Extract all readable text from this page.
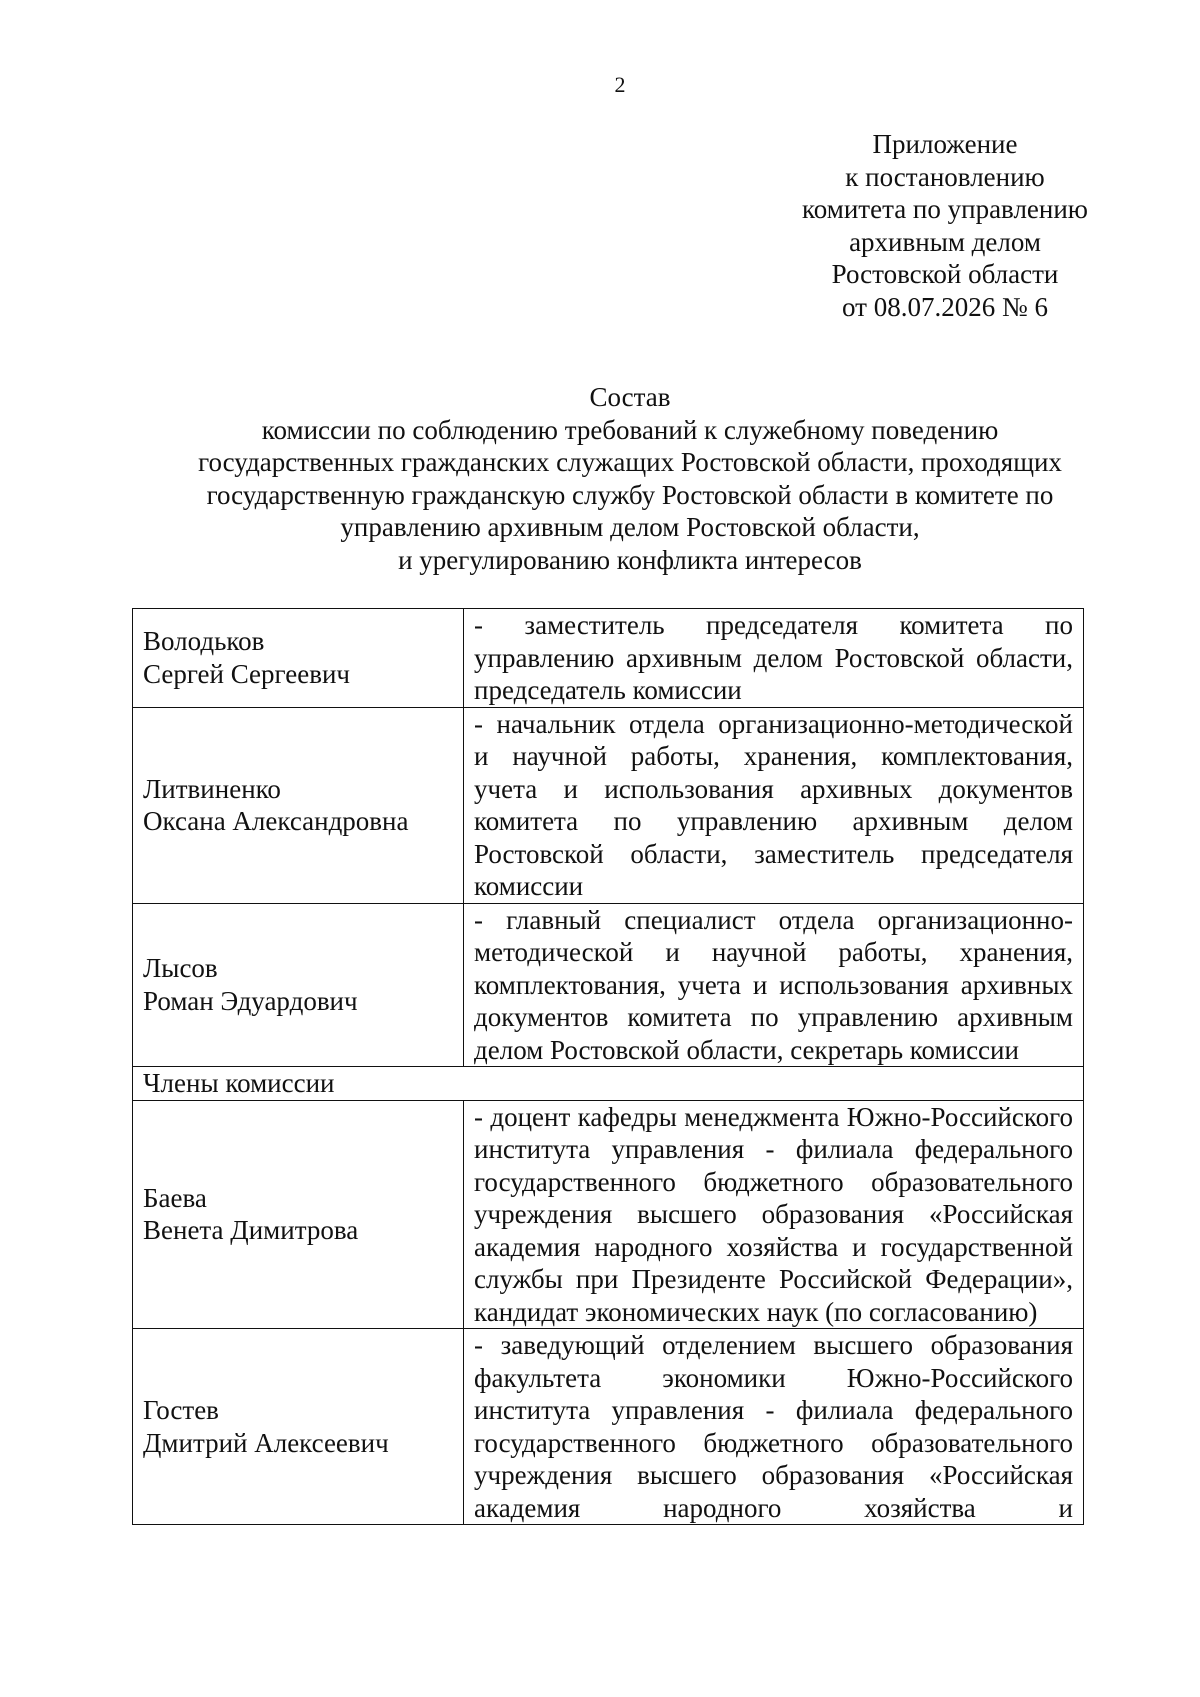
2
Приложение
к постановлению
комитета по управлению
архивным делом
Ростовской области
от 08.07.2026 № 6
Состав
комиссии по соблюдению требований к служебному поведению
государственных гражданских служащих Ростовской области, проходящих
государственную гражданскую службу Ростовской области в комитете по
управлению архивным делом Ростовской области,
и урегулированию конфликта интересов
Володьков
Сергей Сергеевич	- заместитель председателя комитета по управлению архивным делом Ростовской области, председатель комиссии

Литвиненко
Оксана Александровна	- начальник отдела организационно-методической и научной работы, хранения, комплектования, учета и использования архивных документов комитета по управлению архивным делом Ростовской области, заместитель председателя комиссии

Лысов
Роман Эдуардович	- главный специалист отдела организационно-методической и научной работы, хранения, комплектования, учета и использования архивных документов комитета по управлению архивным делом Ростовской области, секретарь комиссии
Члены комиссии	

Баева
Венета Димитрова	- доцент кафедры менеджмента Южно-Российского института управления - филиала федерального государственного бюджетного образовательного учреждения высшего образования «Российская академия народного хозяйства и государственной службы при Президенте Российской Федерации», кандидат экономических наук (по согласованию)

Гостев
Дмитрий Алексеевич	- заведующий отделением высшего образования факультета экономики Южно-Российского института управления - филиала федерального государственного бюджетного образовательного учреждения высшего образования «Российская академия народного хозяйства и
